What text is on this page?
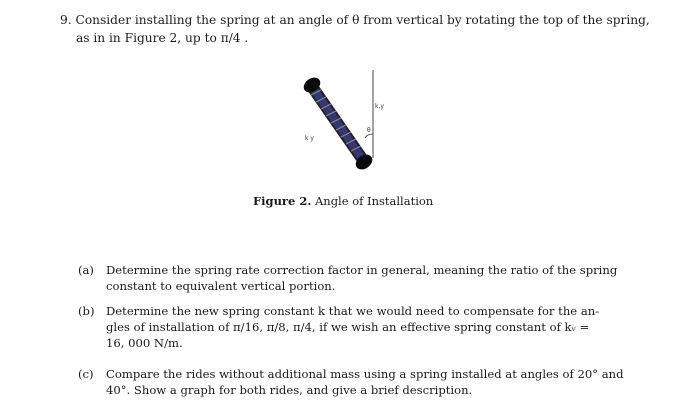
9. Consider installing the spring at an angle of θ from vertical by rotating the top of the spring,
as in in Figure 2, up to π/4 .
k,y
k y
θ
Figure 2. Angle of Installation
(a) Determine the spring rate correction factor in general, meaning the ratio of the spring
constant to equivalent vertical portion.
(b) Determine the new spring constant k that we would need to compensate for the an-
gles of installation of π/16, π/8, π/4, if we wish an effective spring constant of kᵥ =
16, 000 N/m.
(c) Compare the rides without additional mass using a spring installed at angles of 20° and
40°. Show a graph for both rides, and give a brief description.
